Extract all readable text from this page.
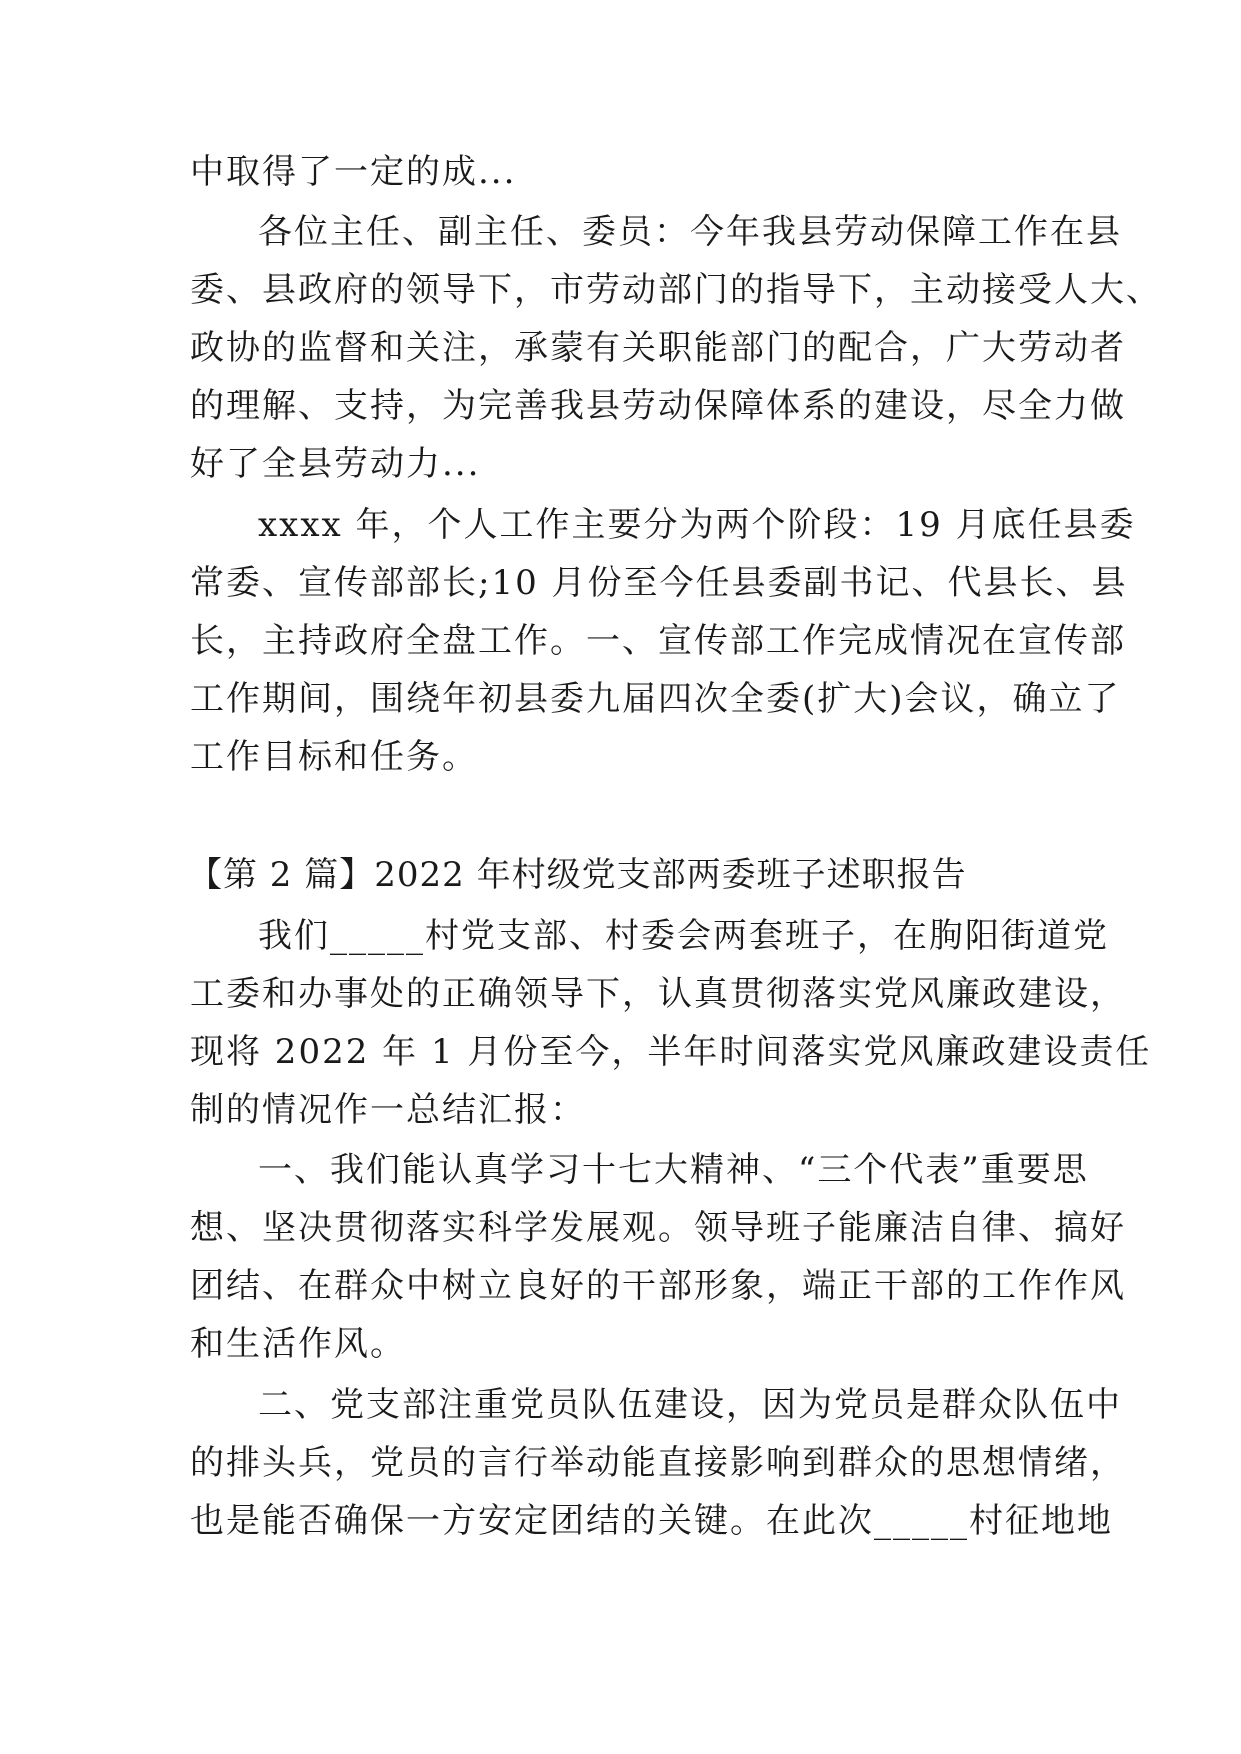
中取得了一定的成...
各位主任、副主任、委员：今年我县劳动保障工作在县
委、县政府的领导下，市劳动部门的指导下，主动接受人大、
政协的监督和关注，承蒙有关职能部门的配合，广大劳动者
的理解、支持，为完善我县劳动保障体系的建设，尽全力做
好了全县劳动力...
xxxx 年，个人工作主要分为两个阶段：19 月底任县委
常委、宣传部部长;10 月份至今任县委副书记、代县长、县
长，主持政府全盘工作。一、宣传部工作完成情况在宣传部
工作期间，围绕年初县委九届四次全委(扩大)会议，确立了
工作目标和任务。
【第 2 篇】2022 年村级党支部两委班子述职报告
我们_____村党支部、村委会两套班子，在朐阳街道党
工委和办事处的正确领导下，认真贯彻落实党风廉政建设，
现将 2022 年 1 月份至今，半年时间落实党风廉政建设责任
制的情况作一总结汇报：
一、我们能认真学习十七大精神、“三个代表”重要思
想、坚决贯彻落实科学发展观。领导班子能廉洁自律、搞好
团结、在群众中树立良好的干部形象，端正干部的工作作风
和生活作风。
二、党支部注重党员队伍建设，因为党员是群众队伍中
的排头兵，党员的言行举动能直接影响到群众的思想情绪，
也是能否确保一方安定团结的关键。在此次_____村征地地
